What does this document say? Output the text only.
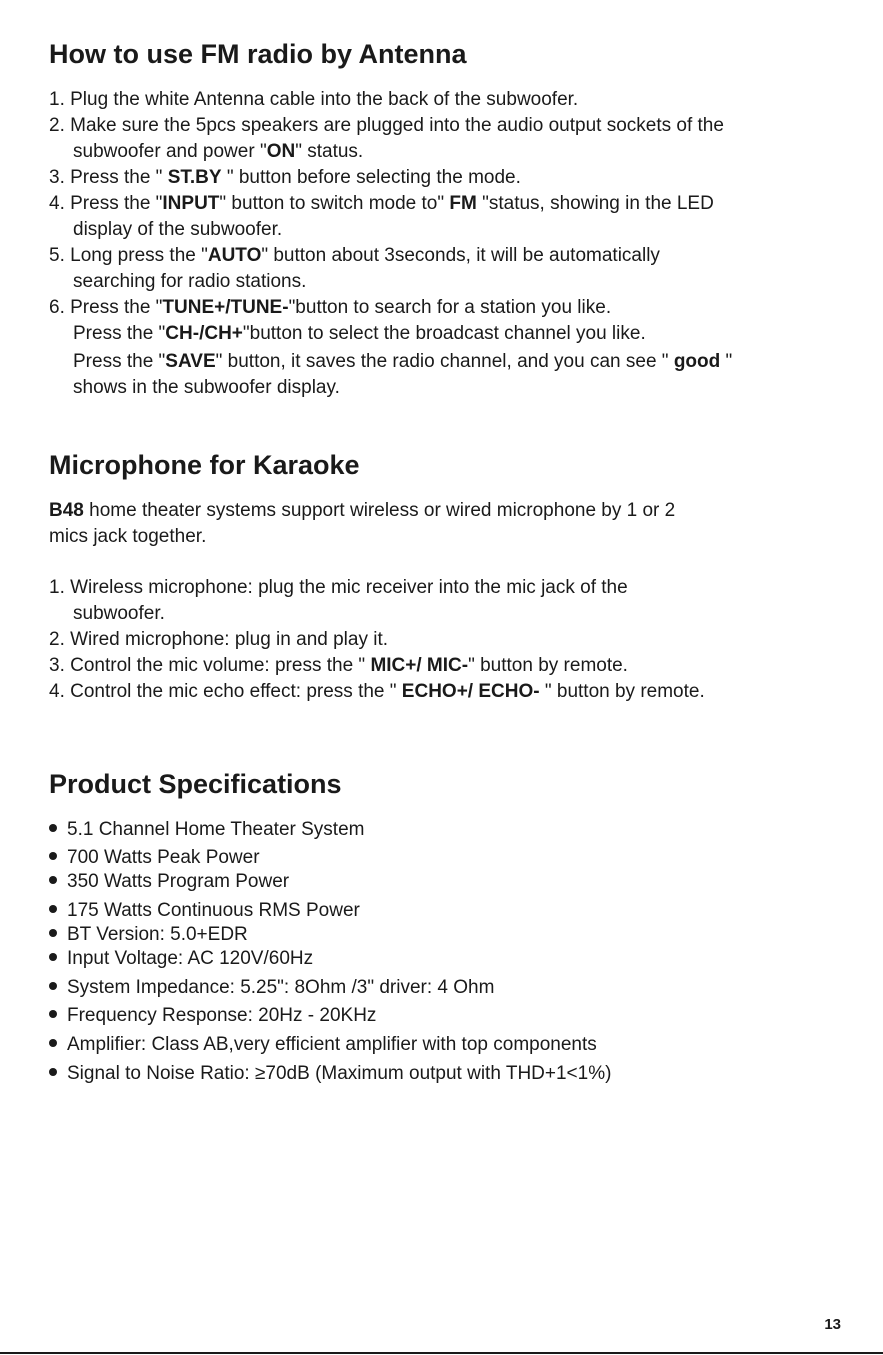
How to use FM radio by Antenna
1. Plug the white Antenna cable into the back of the subwoofer.
2. Make sure the 5pcs speakers are plugged into the audio output sockets of the
subwoofer and power "ON" status.
3. Press the " ST.BY " button before selecting the mode.
4. Press the "INPUT" button to switch mode to" FM "status, showing in the LED
display of the subwoofer.
5. Long press the "AUTO" button about 3seconds, it will be automatically
searching for radio stations.
6. Press the "TUNE+/TUNE-"button to search for a station you like.
Press the "CH-/CH+"button to select the broadcast channel you like.
Press the "SAVE" button, it saves the radio channel, and you can see " good "
shows in the subwoofer display.
Microphone for Karaoke
B48 home theater systems support wireless or wired microphone by 1 or 2
mics jack together.
1. Wireless microphone: plug the mic receiver into the mic jack of the
subwoofer.
2. Wired microphone: plug in and play it.
3. Control the mic volume: press the " MIC+/ MIC-" button by remote.
4. Control the mic echo effect: press the " ECHO+/ ECHO- " button by remote.
Product Specifications
5.1 Channel Home Theater System
700 Watts Peak Power
350 Watts Program Power
175 Watts Continuous RMS Power
BT Version: 5.0+EDR
Input Voltage: AC 120V/60Hz
System Impedance: 5.25": 8Ohm /3" driver: 4 Ohm
Frequency Response: 20Hz - 20KHz
Amplifier: Class AB,very efficient amplifier with top components
Signal to Noise Ratio: ≥70dB (Maximum output with THD+1<1%)
13
